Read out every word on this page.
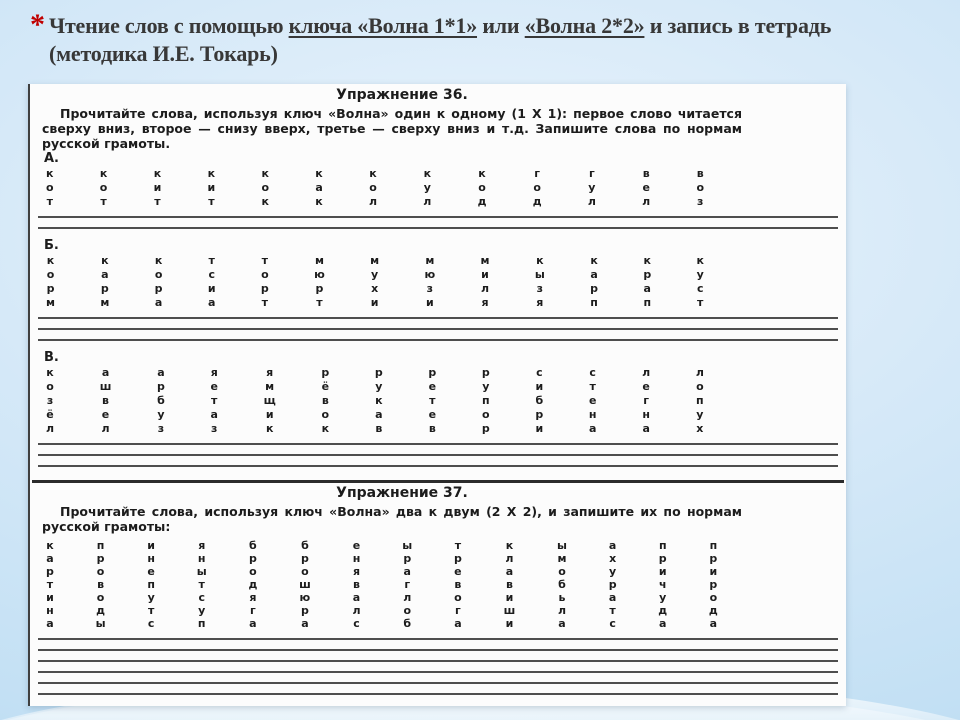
* Чтение слов с помощью ключа «Волна 1*1» или «Волна 2*2» и запись в тетрадь
(методика И.Е. Токарь)
Упражнение 36.
Прочитайте слова, используя ключ «Волна» один к одному (1 Х 1): первое слово читается сверху вниз, второе — снизу вверх, третье — сверху вниз и т.д. Запишите слова по нормам русской грамоты.
А.
к
о
т
к
о
т
к
и
т
к
и
т
к
о
к
к
а
к
к
о
л
к
у
л
к
о
д
г
о
д
г
у
л
в
е
л
в
о
з
Б.
к
о
р
м
к
а
р
м
к
о
р
а
т
с
и
а
т
о
р
т
м
ю
р
т
м
у
х
и
м
ю
з
и
м
и
л
я
к
ы
з
я
к
а
р
п
к
р
а
п
к
у
с
т
В.
к
о
з
ё
л
а
ш
в
е
л
а
р
б
у
з
я
е
т
а
з
я
м
щ
и
к
р
ё
в
о
к
р
у
к
а
в
р
е
т
е
в
р
у
п
о
р
с
и
б
р
и
с
т
е
н
а
л
е
г
н
а
л
о
п
у
х
Упражнение 37.
Прочитайте слова, используя ключ «Волна» два к двум (2 Х 2), и запишите их по нормам русской грамоты:
к
а
р
т
и
н
а
п
р
о
в
о
д
ы
и
н
е
п
у
т
с
я
н
ы
т
с
у
п
б
р
о
д
я
г
а
б
р
о
ш
ю
р
а
е
н
я
в
а
л
с
ы
р
а
г
л
о
б
т
р
е
в
о
г
а
к
л
а
в
и
ш
и
ы
м
о
б
ь
л
а
а
х
у
р
а
т
с
п
р
и
ч
у
д
а
п
р
и
р
о
д
а
